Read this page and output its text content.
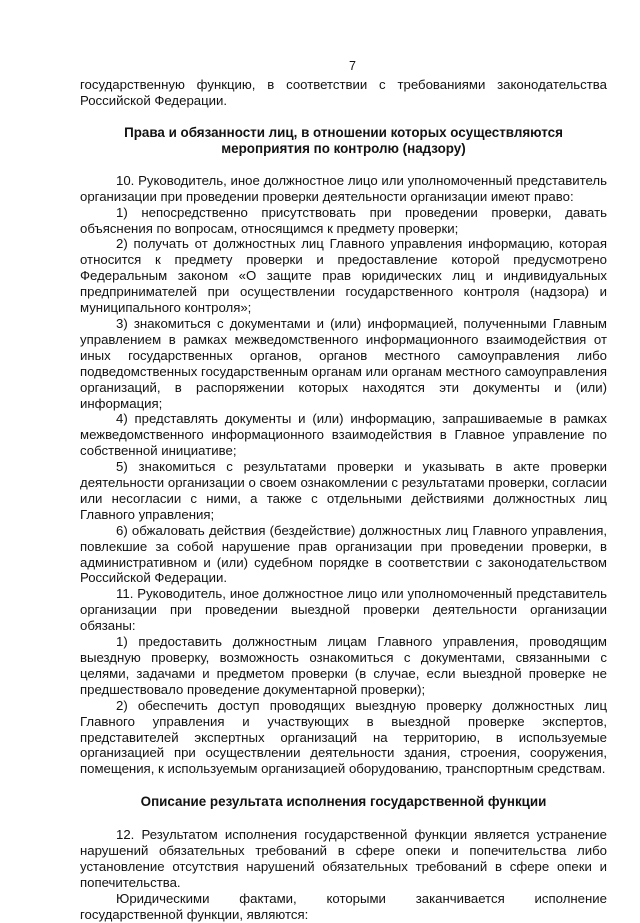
7

государственную функцию, в соответствии с требованиями законодательства Российской Федерации.

Права и обязанности лиц, в отношении которых осуществляются мероприятия по контролю (надзору)

10. Руководитель, иное должностное лицо или уполномоченный представитель организации при проведении проверки деятельности организации имеют право:

1) непосредственно присутствовать при проведении проверки, давать объяснения по вопросам, относящимся к предмету проверки;

2) получать от должностных лиц Главного управления информацию, которая относится к предмету проверки и предоставление которой предусмотрено Федеральным законом «О защите прав юридических лиц и индивидуальных предпринимателей при осуществлении государственного контроля (надзора) и муниципального контроля»;

3) знакомиться с документами и (или) информацией, полученными Главным управлением в рамках межведомственного информационного взаимодействия от иных государственных органов, органов местного самоуправления либо подведомственных государственным органам или органам местного самоуправления организаций, в распоряжении которых находятся эти документы и (или) информация;

4) представлять документы и (или) информацию, запрашиваемые в рамках межведомственного информационного взаимодействия в Главное управление по собственной инициативе;

5) знакомиться с результатами проверки и указывать в акте проверки деятельности организации о своем ознакомлении с результатами проверки, согласии или несогласии с ними, а также с отдельными действиями должностных лиц Главного управления;

6) обжаловать действия (бездействие) должностных лиц Главного управления, повлекшие за собой нарушение прав организации при проведении проверки, в административном и (или) судебном порядке в соответствии с законодательством Российской Федерации.

11. Руководитель, иное должностное лицо или уполномоченный представитель организации при проведении выездной проверки деятельности организации обязаны:

1) предоставить должностным лицам Главного управления, проводящим выездную проверку, возможность ознакомиться с документами, связанными с целями, задачами и предметом проверки (в случае, если выездной проверке не предшествовало проведение документарной проверки);

2) обеспечить доступ проводящих выездную проверку должностных лиц Главного управления и участвующих в выездной проверке экспертов, представителей экспертных организаций на территорию, в используемые организацией при осуществлении деятельности здания, строения, сооружения, помещения, к используемым организацией оборудованию, транспортным средствам.

Описание результата исполнения государственной функции

12. Результатом исполнения государственной функции является устранение нарушений обязательных требований в сфере опеки и попечительства либо установление отсутствия нарушений обязательных требований в сфере опеки и попечительства.

Юридическими фактами, которыми заканчивается исполнение государственной функции, являются:
